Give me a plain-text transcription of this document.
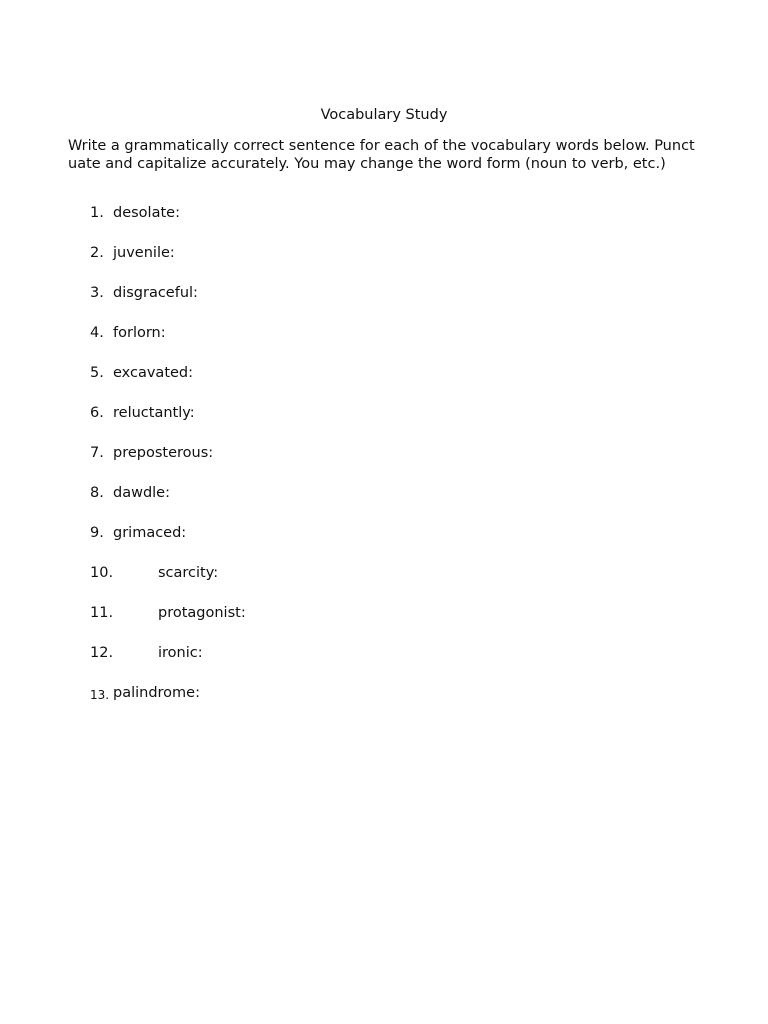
Vocabulary Study
Write a grammatically correct sentence for each of the vocabulary words below. Punctuate and capitalize accurately. You may change the word form (noun to verb, etc.)
1. desolate:
2. juvenile:
3. disgraceful:
4. forlorn:
5. excavated:
6. reluctantly:
7. preposterous:
8. dawdle:
9. grimaced:
10.	scarcity:
11.	protagonist:
12.	ironic:
13. palindrome:
